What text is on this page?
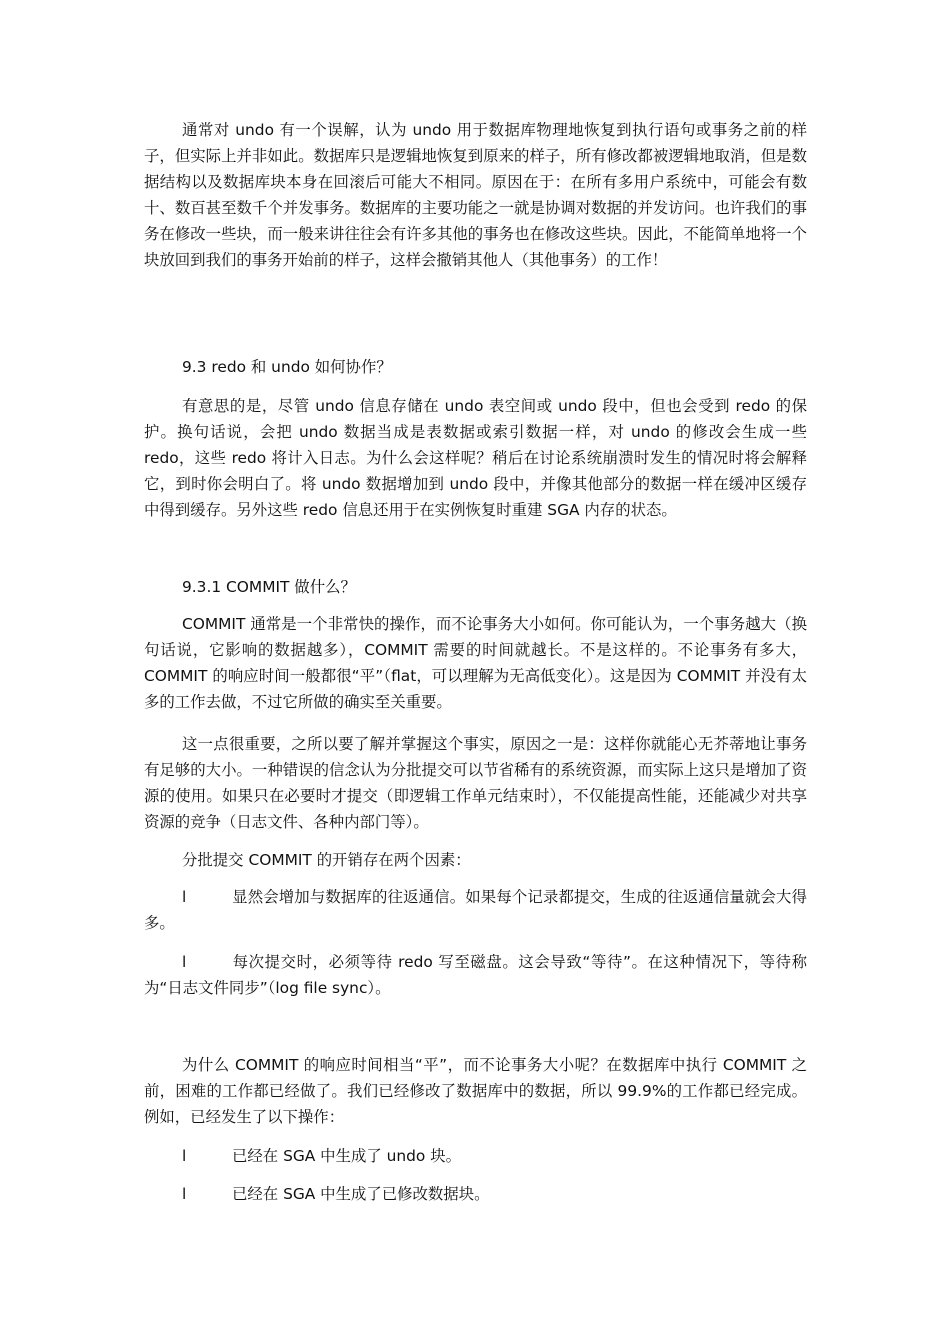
通常对 undo 有一个误解，认为 undo 用于数据库物理地恢复到执行语句或事务之前的样子，但实际上并非如此。数据库只是逻辑地恢复到原来的样子，所有修改都被逻辑地取消，但是数据结构以及数据库块本身在回滚后可能大不相同。原因在于：在所有多用户系统中，可能会有数十、数百甚至数千个并发事务。数据库的主要功能之一就是协调对数据的并发访问。也许我们的事务在修改一些块，而一般来讲往往会有许多其他的事务也在修改这些块。因此，不能简单地将一个块放回到我们的事务开始前的样子，这样会撤销其他人（其他事务）的工作！

9.3 redo 和 undo 如何协作？

有意思的是，尽管 undo 信息存储在 undo 表空间或 undo 段中，但也会受到 redo 的保护。换句话说，会把 undo 数据当成是表数据或索引数据一样，对 undo 的修改会生成一些 redo，这些 redo 将计入日志。为什么会这样呢？稍后在讨论系统崩溃时发生的情况时将会解释它，到时你会明白了。将 undo 数据增加到 undo 段中，并像其他部分的数据一样在缓冲区缓存中得到缓存。另外这些 redo 信息还用于在实例恢复时重建 SGA 内存的状态。

9.3.1 COMMIT 做什么？

COMMIT 通常是一个非常快的操作，而不论事务大小如何。你可能认为，一个事务越大（换句话说，它影响的数据越多），COMMIT 需要的时间就越长。不是这样的。不论事务有多大，COMMIT 的响应时间一般都很“平”（flat，可以理解为无高低变化）。这是因为 COMMIT 并没有太多的工作去做，不过它所做的确实至关重要。

这一点很重要，之所以要了解并掌握这个事实，原因之一是：这样你就能心无芥蒂地让事务有足够的大小。一种错误的信念认为分批提交可以节省稀有的系统资源，而实际上这只是增加了资源的使用。如果只在必要时才提交（即逻辑工作单元结束时），不仅能提高性能，还能减少对共享资源的竞争（日志文件、各种内部门等）。

分批提交 COMMIT 的开销存在两个因素：

l	显然会增加与数据库的往返通信。如果每个记录都提交，生成的往返通信量就会大得多。

l	每次提交时，必须等待 redo 写至磁盘。这会导致“等待”。在这种情况下，等待称为“日志文件同步”（log file sync）。

为什么 COMMIT 的响应时间相当“平”，而不论事务大小呢？在数据库中执行 COMMIT 之前，困难的工作都已经做了。我们已经修改了数据库中的数据，所以 99.9%的工作都已经完成。例如，已经发生了以下操作：

l	已经在 SGA 中生成了 undo 块。

l	已经在 SGA 中生成了已修改数据块。
